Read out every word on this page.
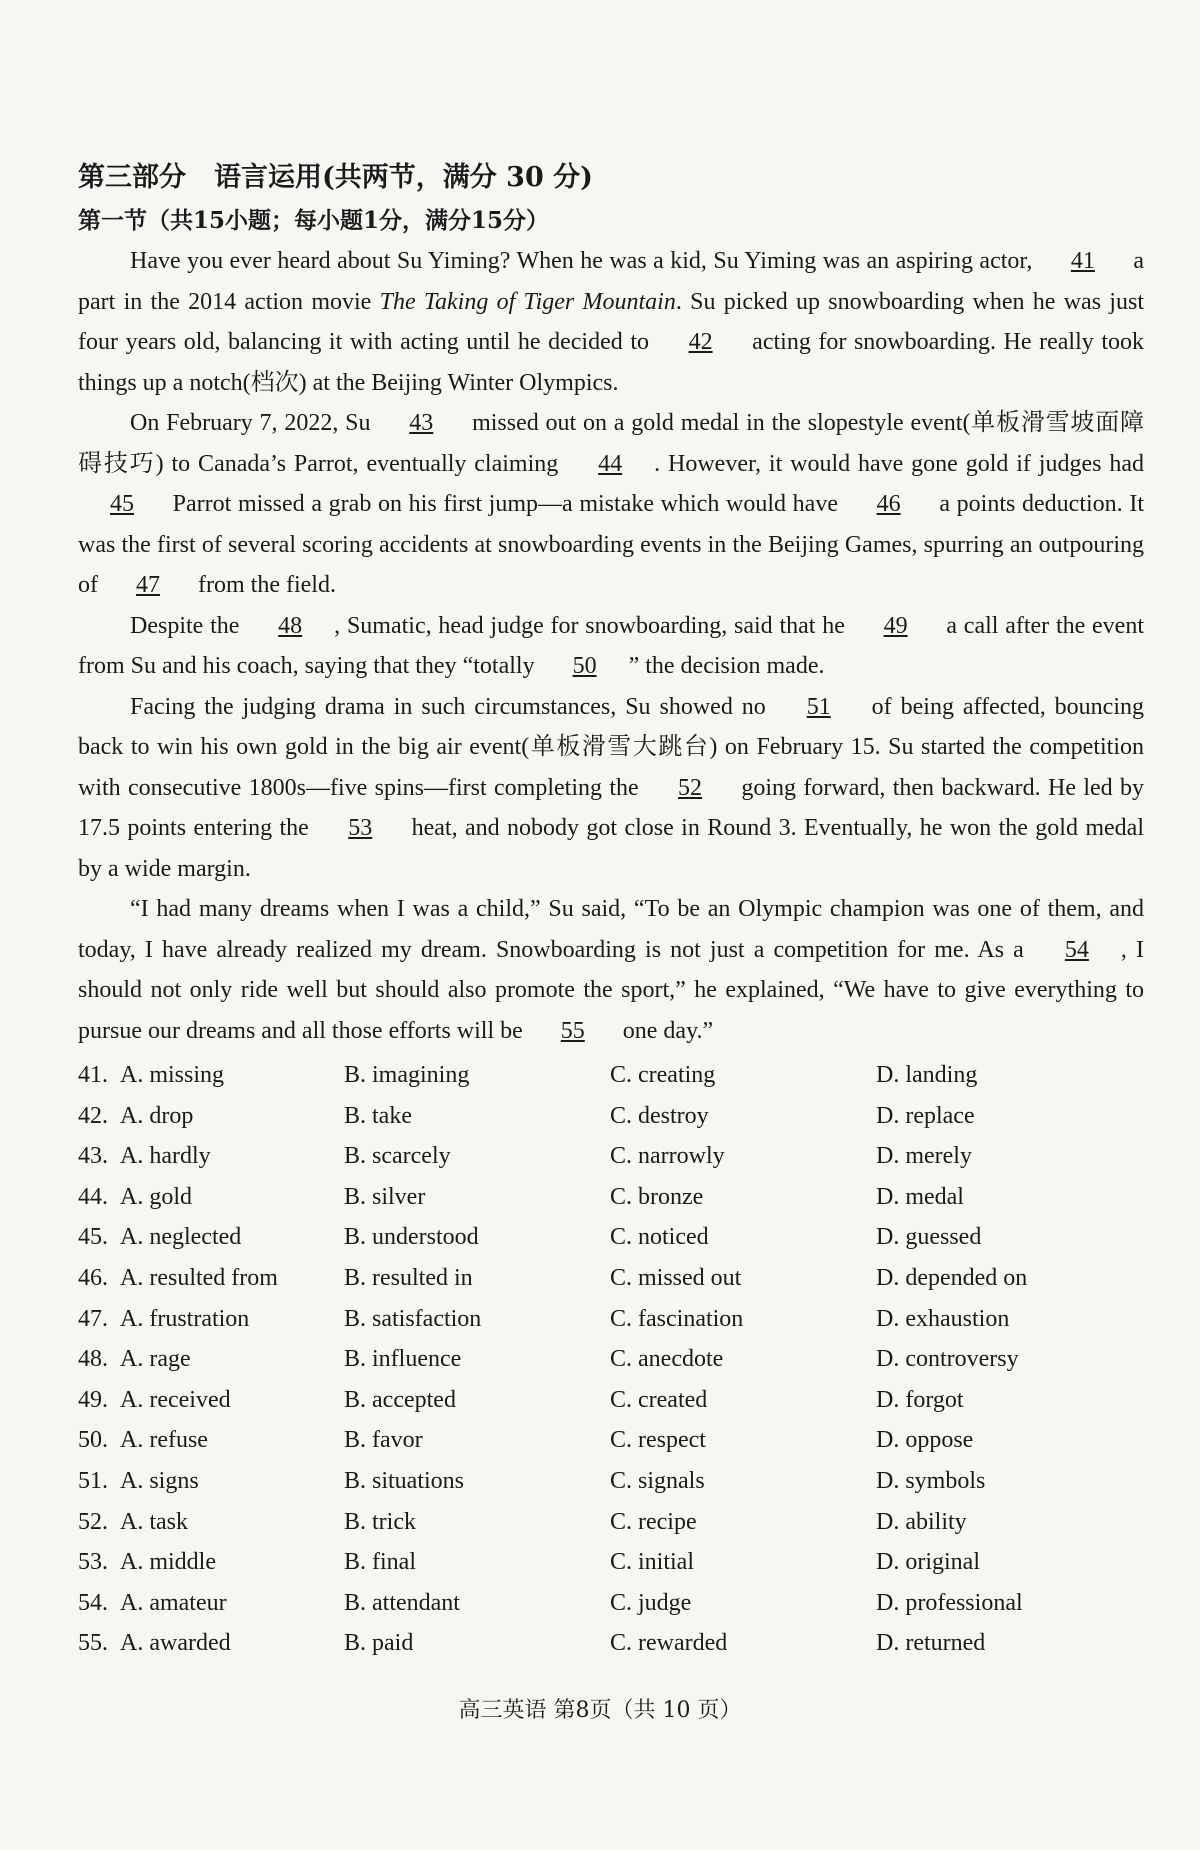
第三部分 语言运用(共两节，满分 30 分)
第一节（共15小题；每小题1分，满分15分）

Have you ever heard about Su Yiming? When he was a kid, Su Yiming was an aspiring actor, 41 a part in the 2014 action movie The Taking of Tiger Mountain. Su picked up snowboarding when he was just four years old, balancing it with acting until he decided to 42 acting for snowboarding. He really took things up a notch(档次) at the Beijing Winter Olympics.

On February 7, 2022, Su 43 missed out on a gold medal in the slopestyle event(单板滑雪坡面障碍技巧) to Canada’s Parrot, eventually claiming 44 . However, it would have gone gold if judges had 45 Parrot missed a grab on his first jump—a mistake which would have 46 a points deduction. It was the first of several scoring accidents at snowboarding events in the Beijing Games, spurring an outpouring of 47 from the field.

Despite the 48 , Sumatic, head judge for snowboarding, said that he 49 a call after the event from Su and his coach, saying that they “totally 50 ” the decision made.

Facing the judging drama in such circumstances, Su showed no 51 of being affected, bouncing back to win his own gold in the big air event(单板滑雪大跳台) on February 15. Su started the competition with consecutive 1800s—five spins—first completing the 52 going forward, then backward. He led by 17.5 points entering the 53 heat, and nobody got close in Round 3. Eventually, he won the gold medal by a wide margin.

“I had many dreams when I was a child,” Su said, “To be an Olympic champion was one of them, and today, I have already realized my dream. Snowboarding is not just a competition for me. As a 54 , I should not only ride well but should also promote the sport,” he explained, “We have to give everything to pursue our dreams and all those efforts will be 55 one day.”

41. A. missing	B. imagining	C. creating	D. landing
42. A. drop	B. take	C. destroy	D. replace
43. A. hardly	B. scarcely	C. narrowly	D. merely
44. A. gold	B. silver	C. bronze	D. medal
45. A. neglected	B. understood	C. noticed	D. guessed
46. A. resulted from	B. resulted in	C. missed out	D. depended on
47. A. frustration	B. satisfaction	C. fascination	D. exhaustion
48. A. rage	B. influence	C. anecdote	D. controversy
49. A. received	B. accepted	C. created	D. forgot
50. A. refuse	B. favor	C. respect	D. oppose
51. A. signs	B. situations	C. signals	D. symbols
52. A. task	B. trick	C. recipe	D. ability
53. A. middle	B. final	C. initial	D. original
54. A. amateur	B. attendant	C. judge	D. professional
55. A. awarded	B. paid	C. rewarded	D. returned
高三英语 第8页（共 10 页）
